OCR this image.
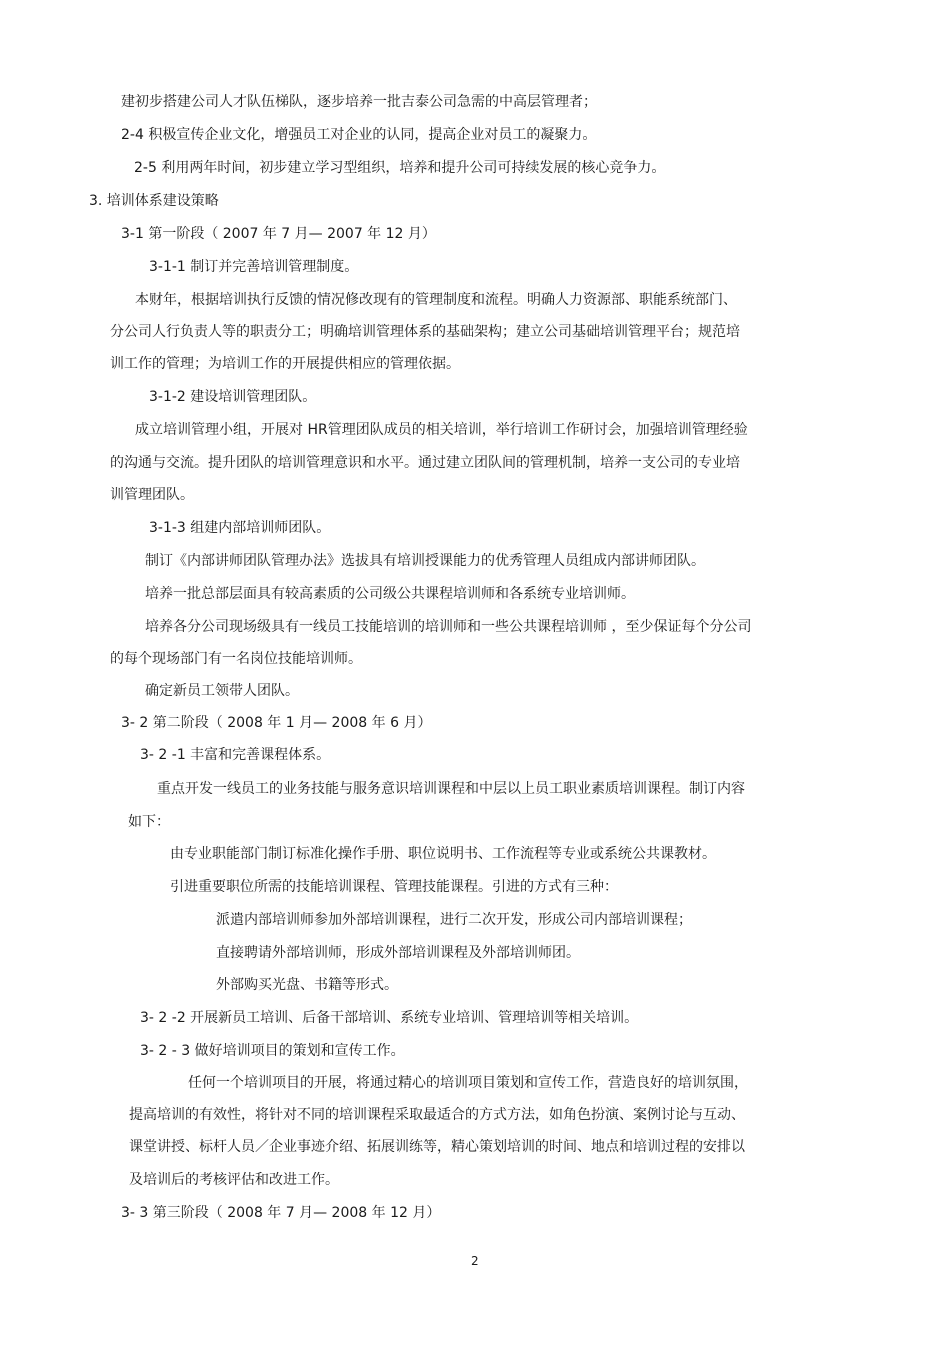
建初步搭建公司人才队伍梯队，逐步培养一批吉泰公司急需的中高层管理者；
2-4 积极宣传企业文化，增强员工对企业的认同，提高企业对员工的凝聚力。
2-5 利用两年时间，初步建立学习型组织，培养和提升公司可持续发展的核心竞争力。
3. 培训体系建设策略
3-1 第一阶段（ 2007 年 7 月— 2007 年 12 月）
3-1-1 制订并完善培训管理制度。
本财年，根据培训执行反馈的情况修改现有的管理制度和流程。明确人力资源部、职能系统部门、
分公司人行负责人等的职责分工；明确培训管理体系的基础架构；建立公司基础培训管理平台；规范培
训工作的管理；为培训工作的开展提供相应的管理依据。
3-1-2 建设培训管理团队。
成立培训管理小组，开展对 HR管理团队成员的相关培训，举行培训工作研讨会，加强培训管理经验
的沟通与交流。提升团队的培训管理意识和水平。通过建立团队间的管理机制，培养一支公司的专业培
训管理团队。
3-1-3 组建内部培训师团队。
制订《内部讲师团队管理办法》选拔具有培训授课能力的优秀管理人员组成内部讲师团队。
培养一批总部层面具有较高素质的公司级公共课程培训师和各系统专业培训师。
培养各分公司现场级具有一线员工技能培训的培训师和一些公共课程培训师 ，至少保证每个分公司
的每个现场部门有一名岗位技能培训师。
确定新员工领带人团队。
3- 2 第二阶段（ 2008 年 1 月— 2008 年 6 月）
3- 2 -1 丰富和完善课程体系。
重点开发一线员工的业务技能与服务意识培训课程和中层以上员工职业素质培训课程。制订内容
如下：
由专业职能部门制订标准化操作手册、职位说明书、工作流程等专业或系统公共课教材。
引进重要职位所需的技能培训课程、管理技能课程。引进的方式有三种：
派遣内部培训师参加外部培训课程，进行二次开发，形成公司内部培训课程；
直接聘请外部培训师，形成外部培训课程及外部培训师团。
外部购买光盘、书籍等形式。
3- 2 -2 开展新员工培训、后备干部培训、系统专业培训、管理培训等相关培训。
3- 2 - 3 做好培训项目的策划和宣传工作。
任何一个培训项目的开展，将通过精心的培训项目策划和宣传工作，营造良好的培训氛围，
提高培训的有效性，将针对不同的培训课程采取最适合的方式方法，如角色扮演、案例讨论与互动、
课堂讲授、标杆人员／企业事迹介绍、拓展训练等，精心策划培训的时间、地点和培训过程的安排以
及培训后的考核评估和改进工作。
3- 3 第三阶段（ 2008 年 7 月— 2008 年 12 月）
2
